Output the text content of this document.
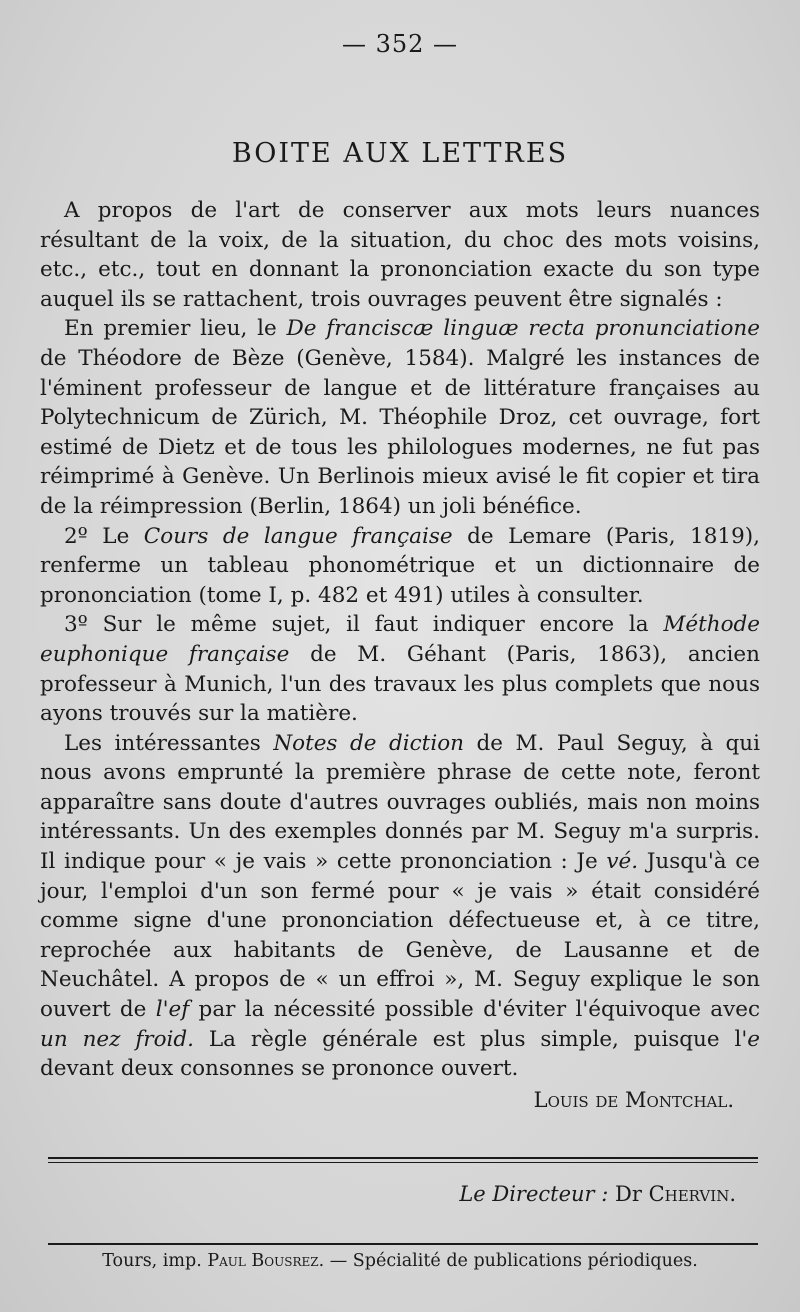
— 352 —
BOITE AUX LETTRES

A propos de l'art de conserver aux mots leurs nuances résultant de la voix, de la situation, du choc des mots voisins, etc., etc., tout en donnant la prononciation exacte du son type auquel ils se rattachent, trois ouvrages peuvent être signalés :

En premier lieu, le De franciscæ linguæ recta pronunciatione de Théodore de Bèze (Genève, 1584). Malgré les instances de l'éminent professeur de langue et de littérature françaises au Polytechnicum de Zürich, M. Théophile Droz, cet ouvrage, fort estimé de Dietz et de tous les philologues modernes, ne fut pas réimprimé à Genève. Un Berlinois mieux avisé le fit copier et tira de la réimpression (Berlin, 1864) un joli bénéfice.

2º Le Cours de langue française de Lemare (Paris, 1819), renferme un tableau phonométrique et un dictionnaire de prononciation (tome I, p. 482 et 491) utiles à consulter.

3º Sur le même sujet, il faut indiquer encore la Méthode euphonique française de M. Géhant (Paris, 1863), ancien professeur à Munich, l'un des travaux les plus complets que nous ayons trouvés sur la matière.

Les intéressantes Notes de diction de M. Paul Seguy, à qui nous avons emprunté la première phrase de cette note, feront apparaître sans doute d'autres ouvrages oubliés, mais non moins intéressants. Un des exemples donnés par M. Seguy m'a surpris. Il indique pour « je vais » cette prononciation : Je vé. Jusqu'à ce jour, l'emploi d'un son fermé pour « je vais » était considéré comme signe d'une prononciation défectueuse et, à ce titre, reprochée aux habitants de Genève, de Lausanne et de Neuchâtel. A propos de « un effroi », M. Seguy explique le son ouvert de l'ef par la nécessité possible d'éviter l'équivoque avec un nez froid. La règle générale est plus simple, puisque l'e devant deux consonnes se prononce ouvert.

Louis de Montchal.
Le Directeur : Dr Chervin.
Tours, imp. Paul Bousrez. — Spécialité de publications périodiques.
